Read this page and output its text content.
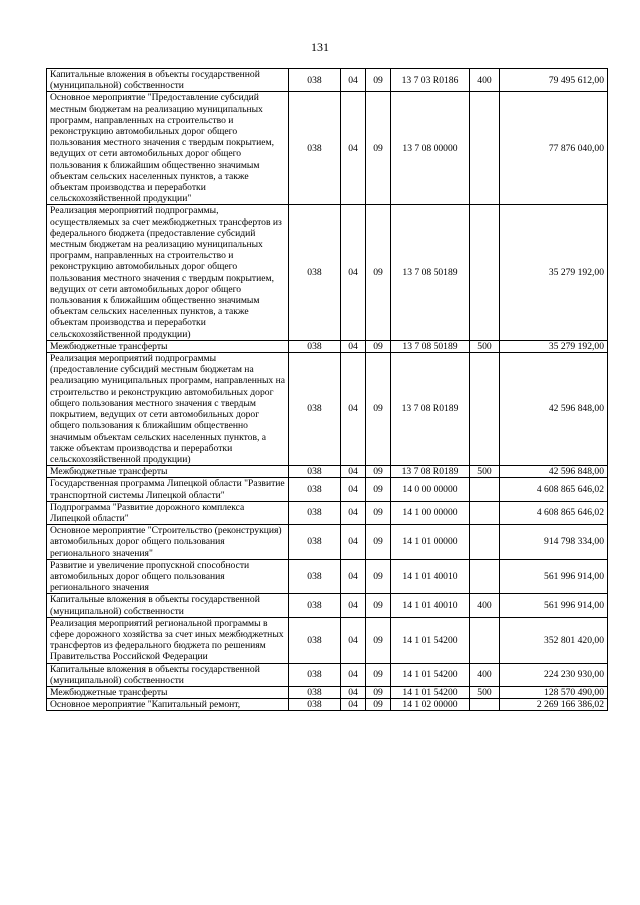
131
Капитальные вложения в объекты государственной (муниципальной) собственности	038	04	09	13 7 03 R0186	400	79 495 612,00
Основное мероприятие "Предоставление субсидий местным бюджетам на реализацию муниципальных программ, направленных на строительство и реконструкцию автомобильных дорог общего пользования местного значения с твердым покрытием, ведущих от сети автомобильных дорог общего пользования к ближайшим общественно значимым объектам сельских населенных пунктов, а также объектам производства и переработки сельскохозяйственной продукции"	038	04	09	13 7 08 00000		77 876 040,00
Реализация мероприятий подпрограммы, осуществляемых за счет межбюджетных трансфертов из федерального бюджета (предоставление субсидий местным бюджетам на реализацию муниципальных программ, направленных на строительство и реконструкцию автомобильных дорог общего пользования местного значения с твердым покрытием, ведущих от сети автомобильных дорог общего пользования к ближайшим общественно значимым объектам сельских населенных пунктов, а также объектам производства и переработки сельскохозяйственной продукции)	038	04	09	13 7 08 50189		35 279 192,00
Межбюджетные трансферты	038	04	09	13 7 08 50189	500	35 279 192,00
Реализация мероприятий подпрограммы (предоставление субсидий местным бюджетам на реализацию муниципальных программ, направленных на строительство и реконструкцию автомобильных дорог общего пользования местного значения с твердым покрытием, ведущих от сети автомобильных дорог общего пользования к ближайшим общественно значимым объектам сельских населенных пунктов, а также объектам производства и переработки сельскохозяйственной продукции)	038	04	09	13 7 08 R0189		42 596 848,00
Межбюджетные трансферты	038	04	09	13 7 08 R0189	500	42 596 848,00
Государственная программа Липецкой области "Развитие транспортной системы Липецкой области"	038	04	09	14 0 00 00000		4 608 865 646,02
Подпрограмма "Развитие дорожного комплекса Липецкой области"	038	04	09	14 1 00 00000		4 608 865 646,02
Основное мероприятие "Строительство (реконструкция) автомобильных дорог общего пользования регионального значения"	038	04	09	14 1 01 00000		914 798 334,00
Развитие и увеличение пропускной способности автомобильных дорог общего пользования регионального значения	038	04	09	14 1 01 40010		561 996 914,00
Капитальные вложения в объекты государственной (муниципальной) собственности	038	04	09	14 1 01 40010	400	561 996 914,00
Реализация мероприятий региональной программы в сфере дорожного хозяйства за счет иных межбюджетных трансфертов из федерального бюджета по решениям Правительства Российской Федерации	038	04	09	14 1 01 54200		352 801 420,00
Капитальные вложения в объекты государственной (муниципальной) собственности	038	04	09	14 1 01 54200	400	224 230 930,00
Межбюджетные трансферты	038	04	09	14 1 01 54200	500	128 570 490,00
Основное мероприятие "Капитальный ремонт,	038	04	09	14 1 02 00000		2 269 166 386,02
